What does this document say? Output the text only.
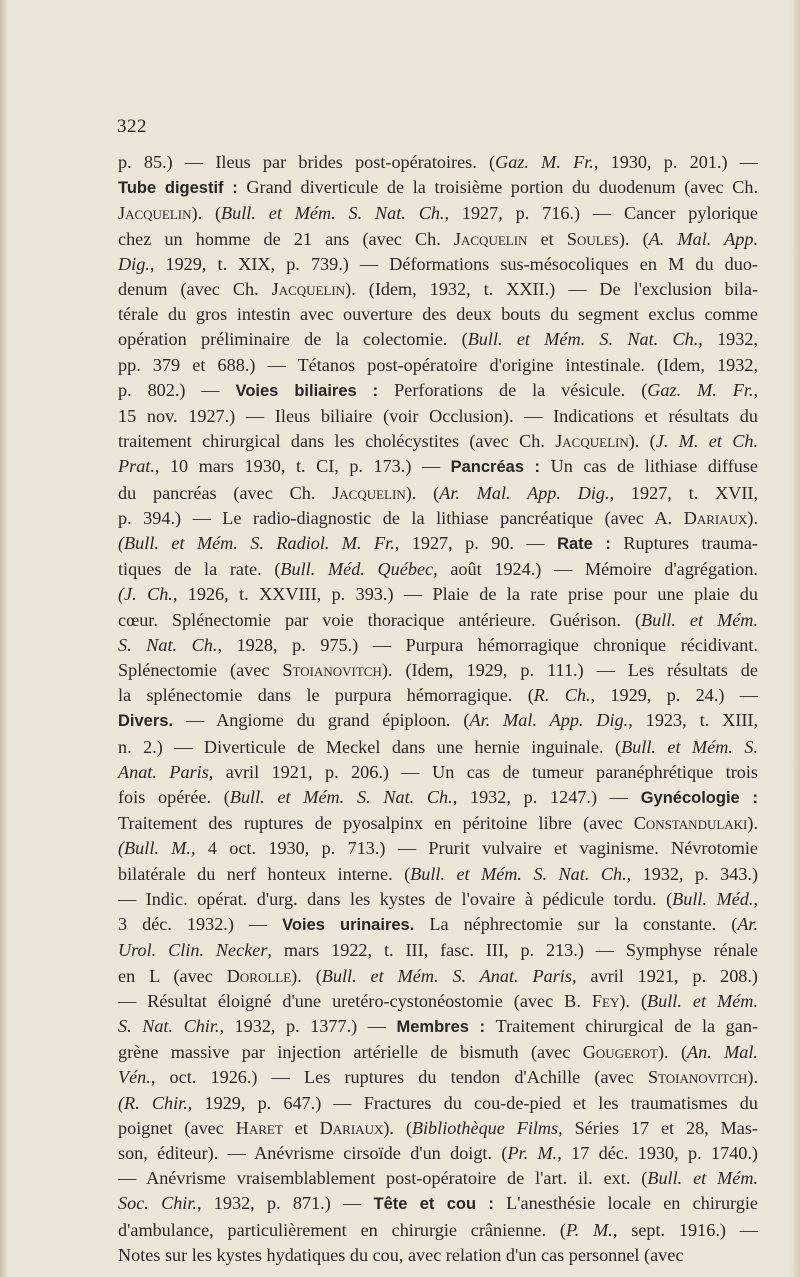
322
p. 85.) — Ileus par brides post-opératoires. (Gaz. M. Fr., 1930, p. 201.) —
Tube digestif : Grand diverticule de la troisième portion du duodenum (avec Ch.
Jacquelin). (Bull. et Mém. S. Nat. Ch., 1927, p. 716.) — Cancer pylorique
chez un homme de 21 ans (avec Ch. Jacquelin et Soules). (A. Mal. App.
Dig., 1929, t. XIX, p. 739.) — Déformations sus-mésocoliques en M du duo-
denum (avec Ch. Jacquelin). (Idem, 1932, t. XXII.) — De l'exclusion bila-
térale du gros intestin avec ouverture des deux bouts du segment exclus comme
opération préliminaire de la colectomie. (Bull. et Mém. S. Nat. Ch., 1932,
pp. 379 et 688.) — Tétanos post-opératoire d'origine intestinale. (Idem, 1932,
p. 802.) — Voies biliaires : Perforations de la vésicule. (Gaz. M. Fr.,
15 nov. 1927.) — Ileus biliaire (voir Occlusion). — Indications et résultats du
traitement chirurgical dans les cholécystites (avec Ch. Jacquelin). (J. M. et Ch.
Prat., 10 mars 1930, t. CI, p. 173.) — Pancréas : Un cas de lithiase diffuse
du pancréas (avec Ch. Jacquelin). (Ar. Mal. App. Dig., 1927, t. XVII,
p. 394.) — Le radio-diagnostic de la lithiase pancréatique (avec A. Dariaux).
(Bull. et Mém. S. Radiol. M. Fr., 1927, p. 90. — Rate : Ruptures trauma-
tiques de la rate. (Bull. Méd. Québec, août 1924.) — Mémoire d'agrégation.
(J. Ch., 1926, t. XXVIII, p. 393.) — Plaie de la rate prise pour une plaie du
cœur. Splénectomie par voie thoracique antérieure. Guérison. (Bull. et Mém.
S. Nat. Ch., 1928, p. 975.) — Purpura hémorragique chronique récidivant.
Splénectomie (avec Stoianovitch). (Idem, 1929, p. 111.) — Les résultats de
la splénectomie dans le purpura hémorragique. (R. Ch., 1929, p. 24.) —
Divers. — Angiome du grand épiploon. (Ar. Mal. App. Dig., 1923, t. XIII,
n. 2.) — Diverticule de Meckel dans une hernie inguinale. (Bull. et Mém. S.
Anat. Paris, avril 1921, p. 206.) — Un cas de tumeur paranéphrétique trois
fois opérée. (Bull. et Mém. S. Nat. Ch., 1932, p. 1247.) — Gynécologie :
Traitement des ruptures de pyosalpinx en péritoine libre (avec Constandulaki).
(Bull. M., 4 oct. 1930, p. 713.) — Prurit vulvaire et vaginisme. Névrotomie
bilatérale du nerf honteux interne. (Bull. et Mém. S. Nat. Ch., 1932, p. 343.)
— Indic. opérat. d'urg. dans les kystes de l'ovaire à pédicule tordu. (Bull. Méd.,
3 déc. 1932.) — Voies urinaires. La néphrectomie sur la constante. (Ar.
Urol. Clin. Necker, mars 1922, t. III, fasc. III, p. 213.) — Symphyse rénale
en L (avec Dorolle). (Bull. et Mém. S. Anat. Paris, avril 1921, p. 208.)
— Résultat éloigné d'une uretéro-cystonéostomie (avec B. Fey). (Bull. et Mém.
S. Nat. Chir., 1932, p. 1377.) — Membres : Traitement chirurgical de la gan-
grène massive par injection artérielle de bismuth (avec Gougerot). (An. Mal.
Vén., oct. 1926.) — Les ruptures du tendon d'Achille (avec Stoianovitch).
(R. Chir., 1929, p. 647.) — Fractures du cou-de-pied et les traumatismes du
poignet (avec Haret et Dariaux). (Bibliothèque Films, Séries 17 et 28, Mas-
son, éditeur). — Anévrisme cirsoïde d'un doigt. (Pr. M., 17 déc. 1930, p. 1740.)
— Anévrisme vraisemblablement post-opératoire de l'art. il. ext. (Bull. et Mém.
Soc. Chir., 1932, p. 871.) — Tête et cou : L'anesthésie locale en chirurgie
d'ambulance, particulièrement en chirurgie crânienne. (P. M., sept. 1916.) —
Notes sur les kystes hydatiques du cou, avec relation d'un cas personnel (avec
